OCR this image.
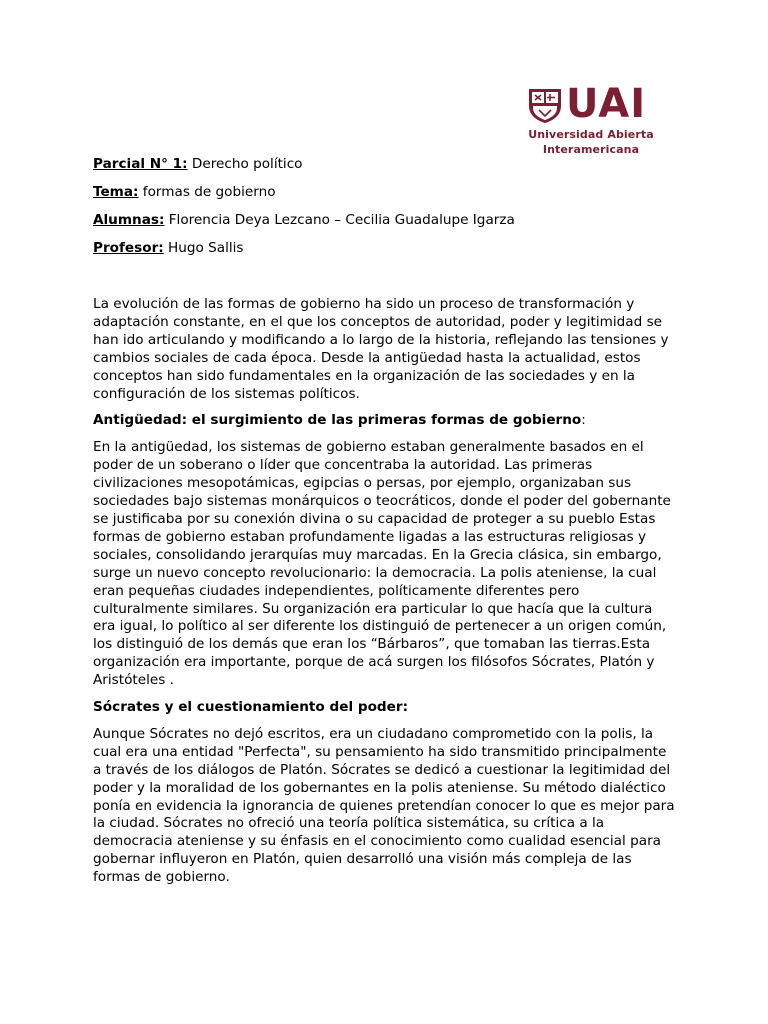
UAI
Universidad Abierta
Interamericana
Parcial N° 1: Derecho político
Tema: formas de gobierno
Alumnas: Florencia Deya Lezcano – Cecilia Guadalupe Igarza
Profesor: Hugo Sallis

La evolución de las formas de gobierno ha sido un proceso de transformación y adaptación constante, en el que los conceptos de autoridad, poder y legitimidad se han ido articulando y modificando a lo largo de la historia, reflejando las tensiones y cambios sociales de cada época. Desde la antigüedad hasta la actualidad, estos conceptos han sido fundamentales en la organización de las sociedades y en la configuración de los sistemas políticos.

Antigüedad: el surgimiento de las primeras formas de gobierno:

En la antigüedad, los sistemas de gobierno estaban generalmente basados en el poder de un soberano o líder que concentraba la autoridad. Las primeras civilizaciones mesopotámicas, egipcias o persas, por ejemplo, organizaban sus sociedades bajo sistemas monárquicos o teocráticos, donde el poder del gobernante se justificaba por su conexión divina o su capacidad de proteger a su pueblo Estas formas de gobierno estaban profundamente ligadas a las estructuras religiosas y sociales, consolidando jerarquías muy marcadas. En la Grecia clásica, sin embargo, surge un nuevo concepto revolucionario: la democracia. La polis ateniense, la cual eran pequeñas ciudades independientes, políticamente diferentes pero culturalmente similares. Su organización era particular lo que hacía que la cultura era igual, lo político al ser diferente los distinguió de pertenecer a un origen común, los distinguió de los demás que eran los “Bárbaros”, que tomaban las tierras.Esta organización era importante, porque de acá surgen los filósofos Sócrates, Platón y Aristóteles .

Sócrates y el cuestionamiento del poder:

Aunque Sócrates no dejó escritos, era un ciudadano comprometido con la polis, la cual era una entidad "Perfecta", su pensamiento ha sido transmitido principalmente a través de los diálogos de Platón. Sócrates se dedicó a cuestionar la legitimidad del poder y la moralidad de los gobernantes en la polis ateniense. Su método dialéctico ponía en evidencia la ignorancia de quienes pretendían conocer lo que es mejor para la ciudad. Sócrates no ofreció una teoría política sistemática, su crítica a la democracia ateniense y su énfasis en el conocimiento como cualidad esencial para gobernar influyeron en Platón, quien desarrolló una visión más compleja de las formas de gobierno.
